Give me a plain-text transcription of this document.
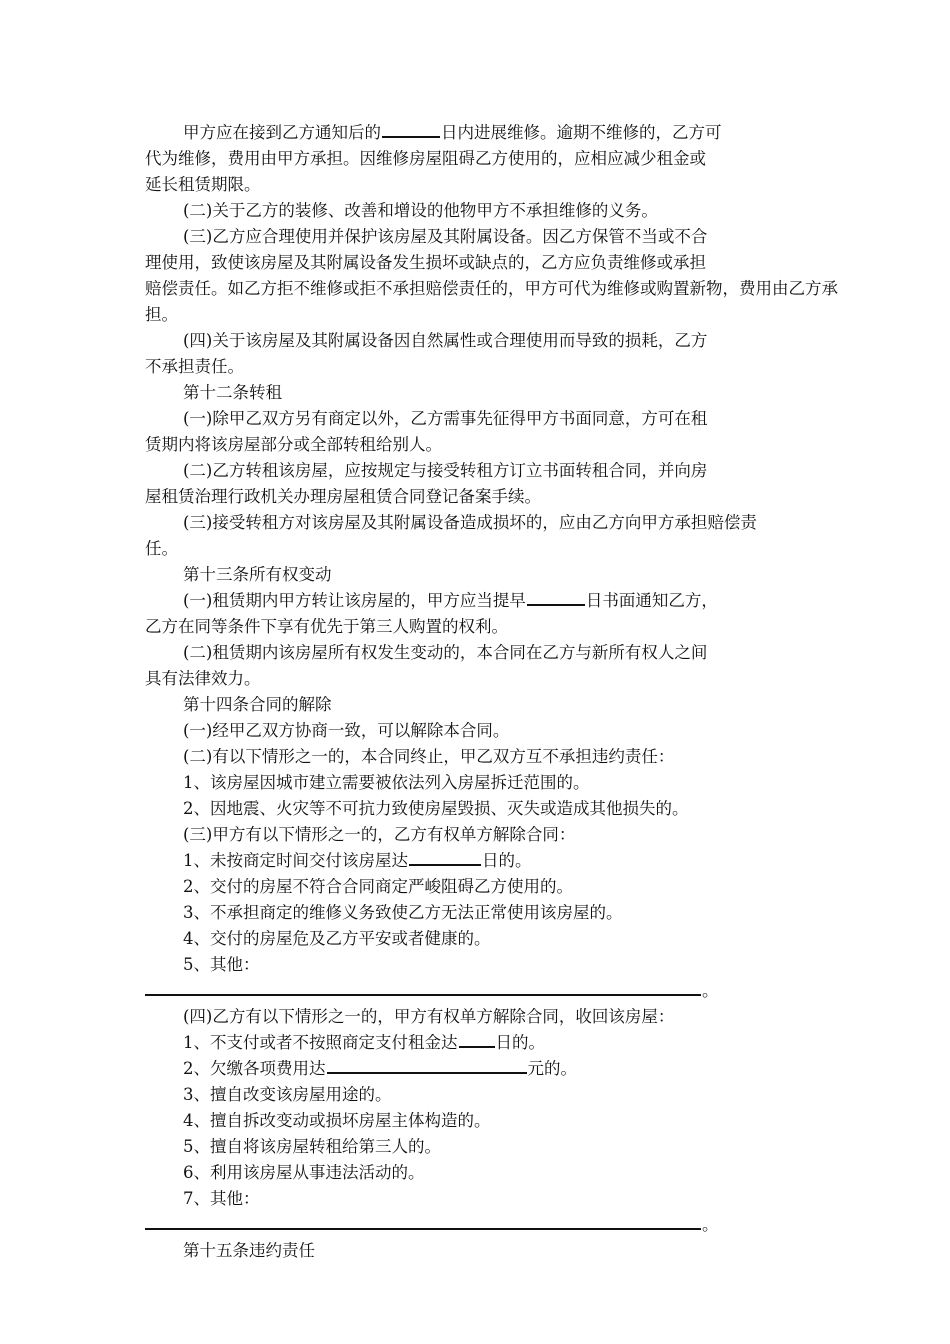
甲方应在接到乙方通知后的	日内进展维修。逾期不维修的，乙方可
代为维修，费用由甲方承担。因维修房屋阻碍乙方使用的，应相应减少租金或
延长租赁期限。
(二)关于乙方的装修、改善和增设的他物甲方不承担维修的义务。
(三)乙方应合理使用并保护该房屋及其附属设备。因乙方保管不当或不合
理使用，致使该房屋及其附属设备发生损坏或缺点的，乙方应负责维修或承担
赔偿责任。如乙方拒不维修或拒不承担赔偿责任的，甲方可代为维修或购置新物，费用由乙方承
担。
(四)关于该房屋及其附属设备因自然属性或合理使用而导致的损耗，乙方
不承担责任。
第十二条转租
(一)除甲乙双方另有商定以外，乙方需事先征得甲方书面同意，方可在租
赁期内将该房屋部分或全部转租给别人。
(二)乙方转租该房屋，应按规定与接受转租方订立书面转租合同，并向房
屋租赁治理行政机关办理房屋租赁合同登记备案手续。
(三)接受转租方对该房屋及其附属设备造成损坏的，应由乙方向甲方承担赔偿责
任。
第十三条所有权变动
(一)租赁期内甲方转让该房屋的，甲方应当提早	日书面通知乙方，
乙方在同等条件下享有优先于第三人购置的权利。
(二)租赁期内该房屋所有权发生变动的，本合同在乙方与新所有权人之间
具有法律效力。
第十四条合同的解除
(一)经甲乙双方协商一致，可以解除本合同。
(二)有以下情形之一的，本合同终止，甲乙双方互不承担违约责任：
1、该房屋因城市建立需要被依法列入房屋拆迁范围的。
2、因地震、火灾等不可抗力致使房屋毁损、灭失或造成其他损失的。
(三)甲方有以下情形之一的，乙方有权单方解除合同：
1、未按商定时间交付该房屋达	日的。
2、交付的房屋不符合合同商定严峻阻碍乙方使用的。
3、不承担商定的维修义务致使乙方无法正常使用该房屋的。
4、交付的房屋危及乙方平安或者健康的。
5、其他：
。
(四)乙方有以下情形之一的，甲方有权单方解除合同，收回该房屋：
1、不支付或者不按照商定支付租金达 日的。
2、欠缴各项费用达	元的。
3、擅自改变该房屋用途的。
4、擅自拆改变动或损坏房屋主体构造的。
5、擅自将该房屋转租给第三人的。
6、利用该房屋从事违法活动的。
7、其他：
。
第十五条违约责任
